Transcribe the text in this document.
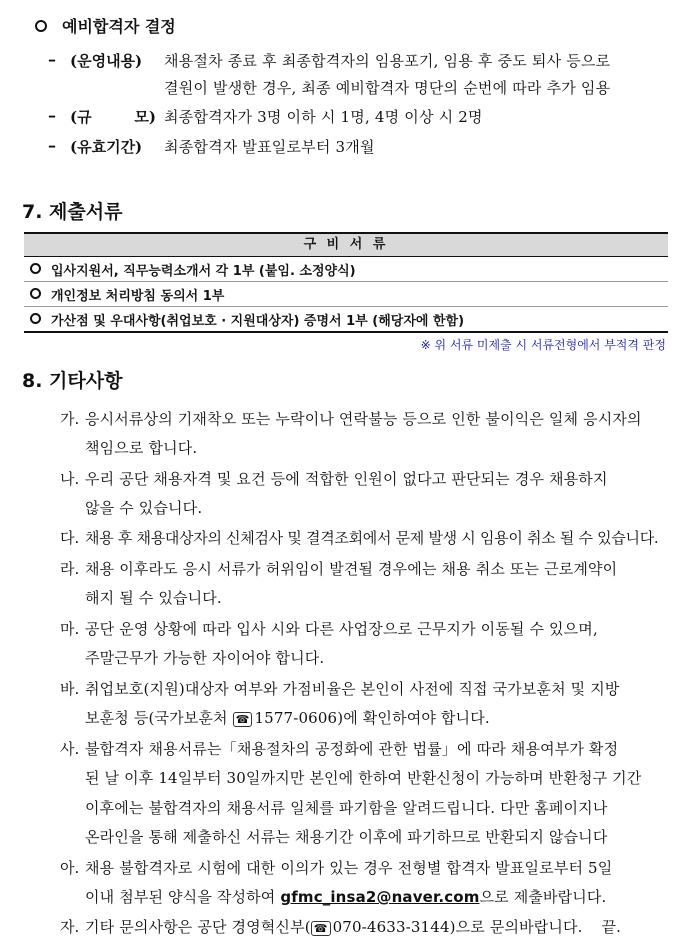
예비합격자 결정
– (운영내용) 채용절차 종료 후 최종합격자의 임용포기, 임용 후 중도 퇴사 등으로
결원이 발생한 경우, 최종 예비합격자 명단의 순번에 따라 추가 임용
– (규	모) 최종합격자가 3명 이하 시 1명, 4명 이상 시 2명
– (유효기간) 최종합격자 발표일로부터 3개월
7. 제출서류
구 비 서 류
입사지원서, 직무능력소개서 각 1부 (붙임. 소정양식)
개인정보 처리방침 동의서 1부
가산점 및 우대사항(취업보호 · 지원대상자) 증명서 1부 (해당자에 한함)
※ 위 서류 미제출 시 서류전형에서 부적격 판정
8. 기타사항
가. 응시서류상의 기재착오 또는 누락이나 연락불능 등으로 인한 불이익은 일체 응시자의
책임으로 합니다.
나. 우리 공단 채용자격 및 요건 등에 적합한 인원이 없다고 판단되는 경우 채용하지
않을 수 있습니다.
다. 채용 후 채용대상자의 신체검사 및 결격조회에서 문제 발생 시 임용이 취소 될 수 있습니다.
라. 채용 이후라도 응시 서류가 허위임이 발견될 경우에는 채용 취소 또는 근로계약이
해지 될 수 있습니다.
마. 공단 운영 상황에 따라 입사 시와 다른 사업장으로 근무지가 이동될 수 있으며,
주말근무가 가능한 자이어야 합니다.
바. 취업보호(지원)대상자 여부와 가점비율은 본인이 사전에 직접 국가보훈처 및 지방
보훈청 등(국가보훈처 ☎ 1577-0606)에 확인하여야 합니다.
사. 불합격자 채용서류는「채용절차의 공정화에 관한 법률」에 따라 채용여부가 확정
된 날 이후 14일부터 30일까지만 본인에 한하여 반환신청이 가능하며 반환청구 기간
이후에는 불합격자의 채용서류 일체를 파기함을 알려드립니다. 다만 홈페이지나
온라인을 통해 제출하신 서류는 채용기간 이후에 파기하므로 반환되지 않습니다
아. 채용 불합격자로 시험에 대한 이의가 있는 경우 전형별 합격자 발표일로부터 5일
이내 첨부된 양식을 작성하여 gfmc_insa2@naver.com으로 제출바랍니다.
자. 기타 문의사항은 공단 경영혁신부( ☎ 070-4633-3144)으로 문의바랍니다. 끝.
